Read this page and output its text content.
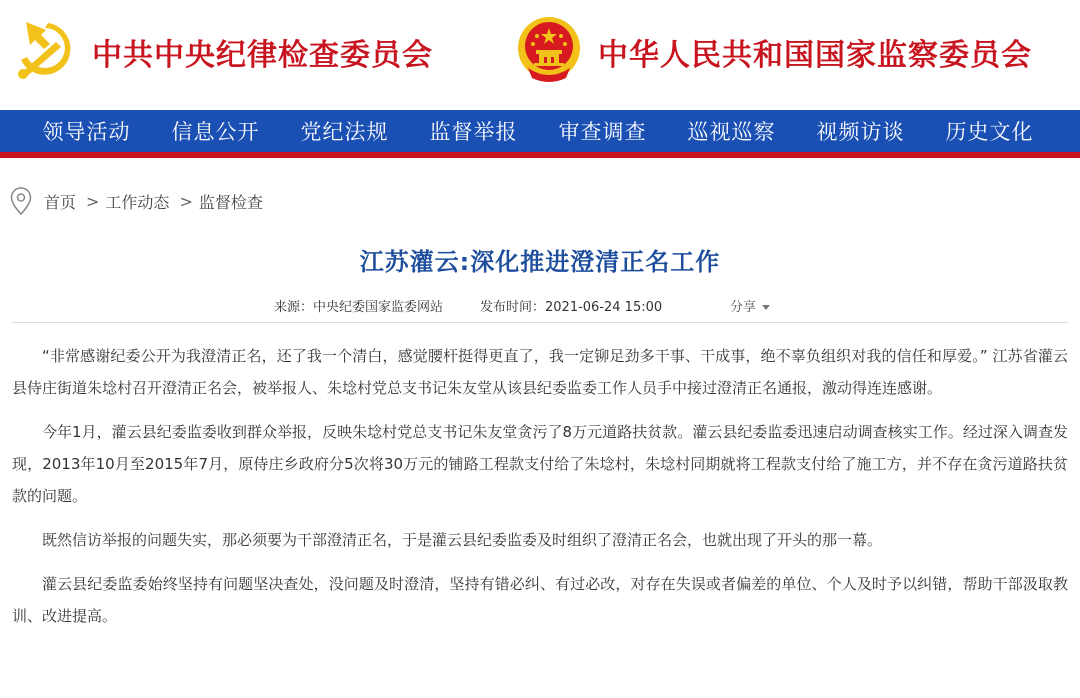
中共中央纪律检查委员会	中华人民共和国国家监察委员会
领导活动	信息公开	党纪法规	监督举报	审查调查	巡视巡察	视频访谈	历史文化
首页 > 工作动态 > 监督检查
江苏灌云:深化推进澄清正名工作
来源：中央纪委国家监委网站	发布时间：2021-06-24 15:00	分享

“非常感谢纪委公开为我澄清正名，还了我一个清白，感觉腰杆挺得更直了，我一定铆足劲多干事、干成事，绝不辜负组织对我的信任和厚爱。” 江苏省灌云县侍庄街道朱埝村召开澄清正名会，被举报人、朱埝村党总支书记朱友堂从该县纪委监委工作人员手中接过澄清正名通报，激动得连连感谢。

今年1月，灌云县纪委监委收到群众举报，反映朱埝村党总支书记朱友堂贪污了8万元道路扶贫款。灌云县纪委监委迅速启动调查核实工作。经过深入调查发现，2013年10月至2015年7月，原侍庄乡政府分5次将30万元的铺路工程款支付给了朱埝村，朱埝村同期就将工程款支付给了施工方，并不存在贪污道路扶贫款的问题。

既然信访举报的问题失实，那必须要为干部澄清正名，于是灌云县纪委监委及时组织了澄清正名会，也就出现了开头的那一幕。

灌云县纪委监委始终坚持有问题坚决查处，没问题及时澄清，坚持有错必纠、有过必改，对存在失误或者偏差的单位、个人及时予以纠错，帮助干部汲取教训、改进提高。
